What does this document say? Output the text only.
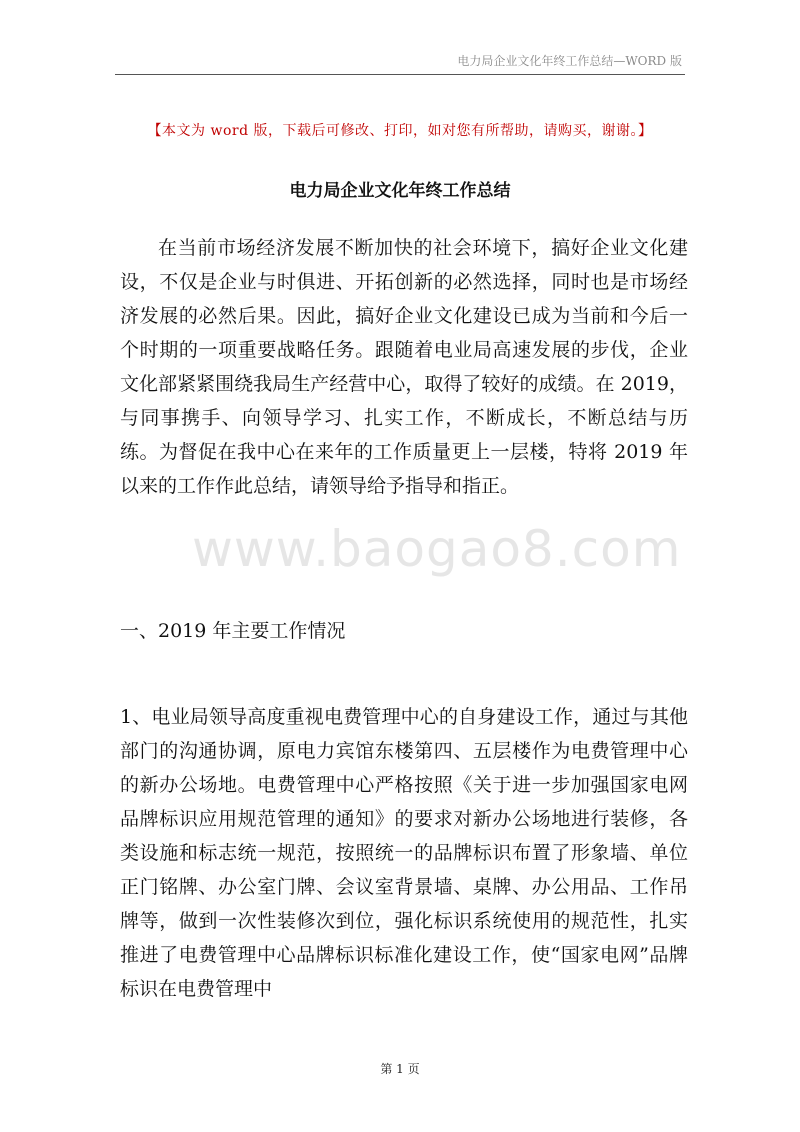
电力局企业文化年终工作总结—WORD 版
【本文为 word 版，下载后可修改、打印，如对您有所帮助，请购买，谢谢。】
电力局企业文化年终工作总结
www.baogao8.com

在当前市场经济发展不断加快的社会环境下，搞好企业文化建设，不仅是企业与时俱进、开拓创新的必然选择，同时也是市场经济发展的必然后果。因此，搞好企业文化建设已成为当前和今后一个时期的一项重要战略任务。跟随着电业局高速发展的步伐，企业文化部紧紧围绕我局生产经营中心，取得了较好的成绩。在 2019，与同事携手、向领导学习、扎实工作，不断成长，不断总结与历练。为督促在我中心在来年的工作质量更上一层楼，特将 2019 年以来的工作作此总结，请领导给予指导和指正。

一、2019 年主要工作情况

1、电业局领导高度重视电费管理中心的自身建设工作，通过与其他部门的沟通协调，原电力宾馆东楼第四、五层楼作为电费管理中心的新办公场地。电费管理中心严格按照《关于进一步加强国家电网品牌标识应用规范管理的通知》的要求对新办公场地进行装修，各类设施和标志统一规范，按照统一的品牌标识布置了形象墙、单位正门铭牌、办公室门牌、会议室背景墙、桌牌、办公用品、工作吊牌等，做到一次性装修次到位，强化标识系统使用的规范性，扎实推进了电费管理中心品牌标识标准化建设工作，使“国家电网”品牌标识在电费管理中

第 1 页
